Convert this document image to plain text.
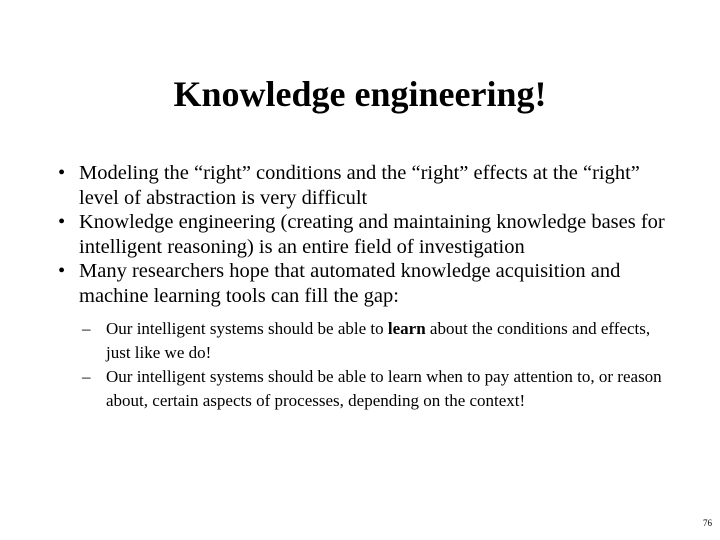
Knowledge engineering!
• Modeling the “right” conditions and the “right” effects at the “right” level of abstraction is very difficult
• Knowledge engineering (creating and maintaining knowledge bases for intelligent reasoning) is an entire field of investigation
• Many researchers hope that automated knowledge acquisition and machine learning tools can fill the gap:
– Our intelligent systems should be able to learn about the conditions and effects, just like we do!
– Our intelligent systems should be able to learn when to pay attention to, or reason about, certain aspects of processes, depending on the context!
76
